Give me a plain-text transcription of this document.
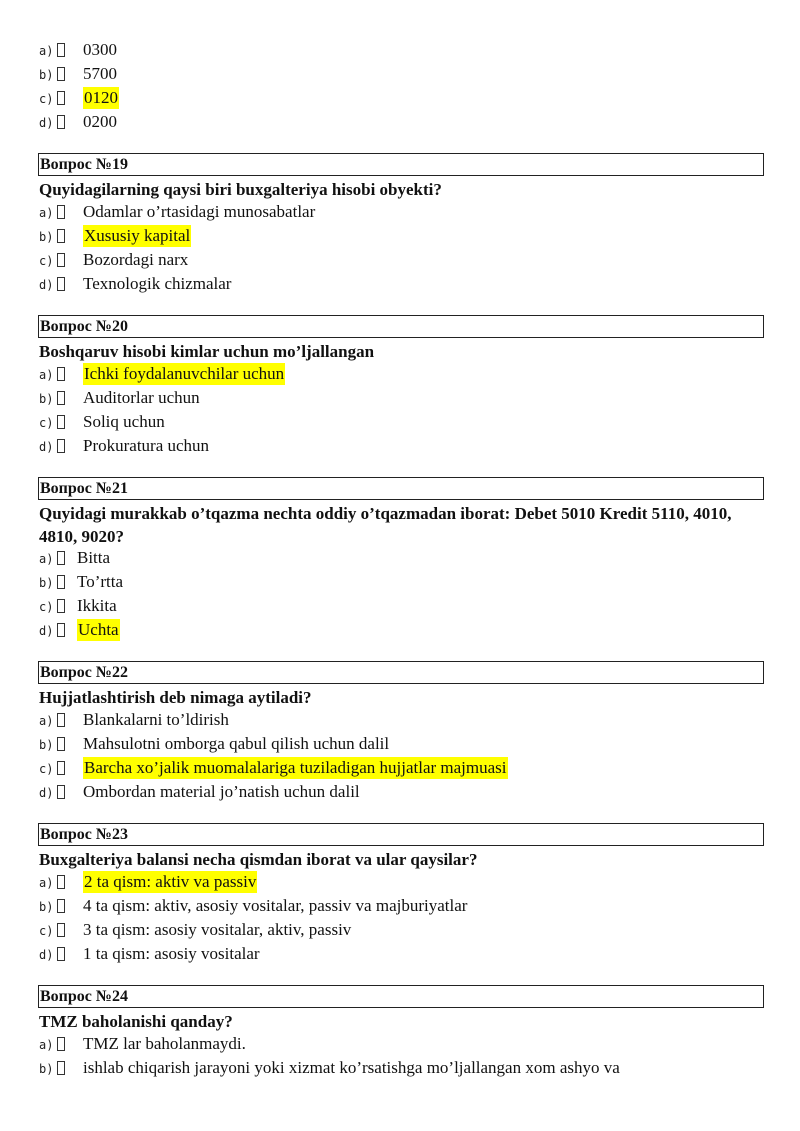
a) 0300
b) 5700
c) 0120
d) 0200
Вопрос №19
Quyidagilarning qaysi biri buxgalteriya hisobi obyekti?
a) Odamlar o’rtasidagi munosabatlar
b) Xususiy kapital
c) Bozordagi narx
d) Texnologik chizmalar
Вопрос №20
Boshqaruv hisobi kimlar uchun mo’ljallangan
a) Ichki foydalanuvchilar uchun
b) Auditorlar uchun
c) Soliq uchun
d) Prokuratura uchun
Вопрос №21
Quyidagi murakkab o’tqazma nechta oddiy o’tqazmadan iborat: Debet 5010 Kredit 5110, 4010, 4810, 9020?
a) Bitta
b) To’rtta
c) Ikkita
d) Uchta
Вопрос №22
Hujjatlashtirish deb nimaga aytiladi?
a) Blankalarni to’ldirish
b) Mahsulotni omborga qabul qilish uchun dalil
c) Barcha xo’jalik muomalalariga tuziladigan hujjatlar majmuasi
d) Ombordan material jo’natish uchun dalil
Вопрос №23
Buxgalteriya balansi necha qismdan iborat va ular qaysilar?
a) 2 ta qism: aktiv va passiv
b) 4 ta qism: aktiv, asosiy vositalar, passiv va majburiyatlar
c) 3 ta qism: asosiy vositalar, aktiv, passiv
d) 1 ta qism: asosiy vositalar
Вопрос №24
TMZ baholanishi qanday?
a) TMZ lar baholanmaydi.
b) ishlab chiqarish jarayoni yoki xizmat ko’rsatishga mo’ljallangan xom ashyo va
